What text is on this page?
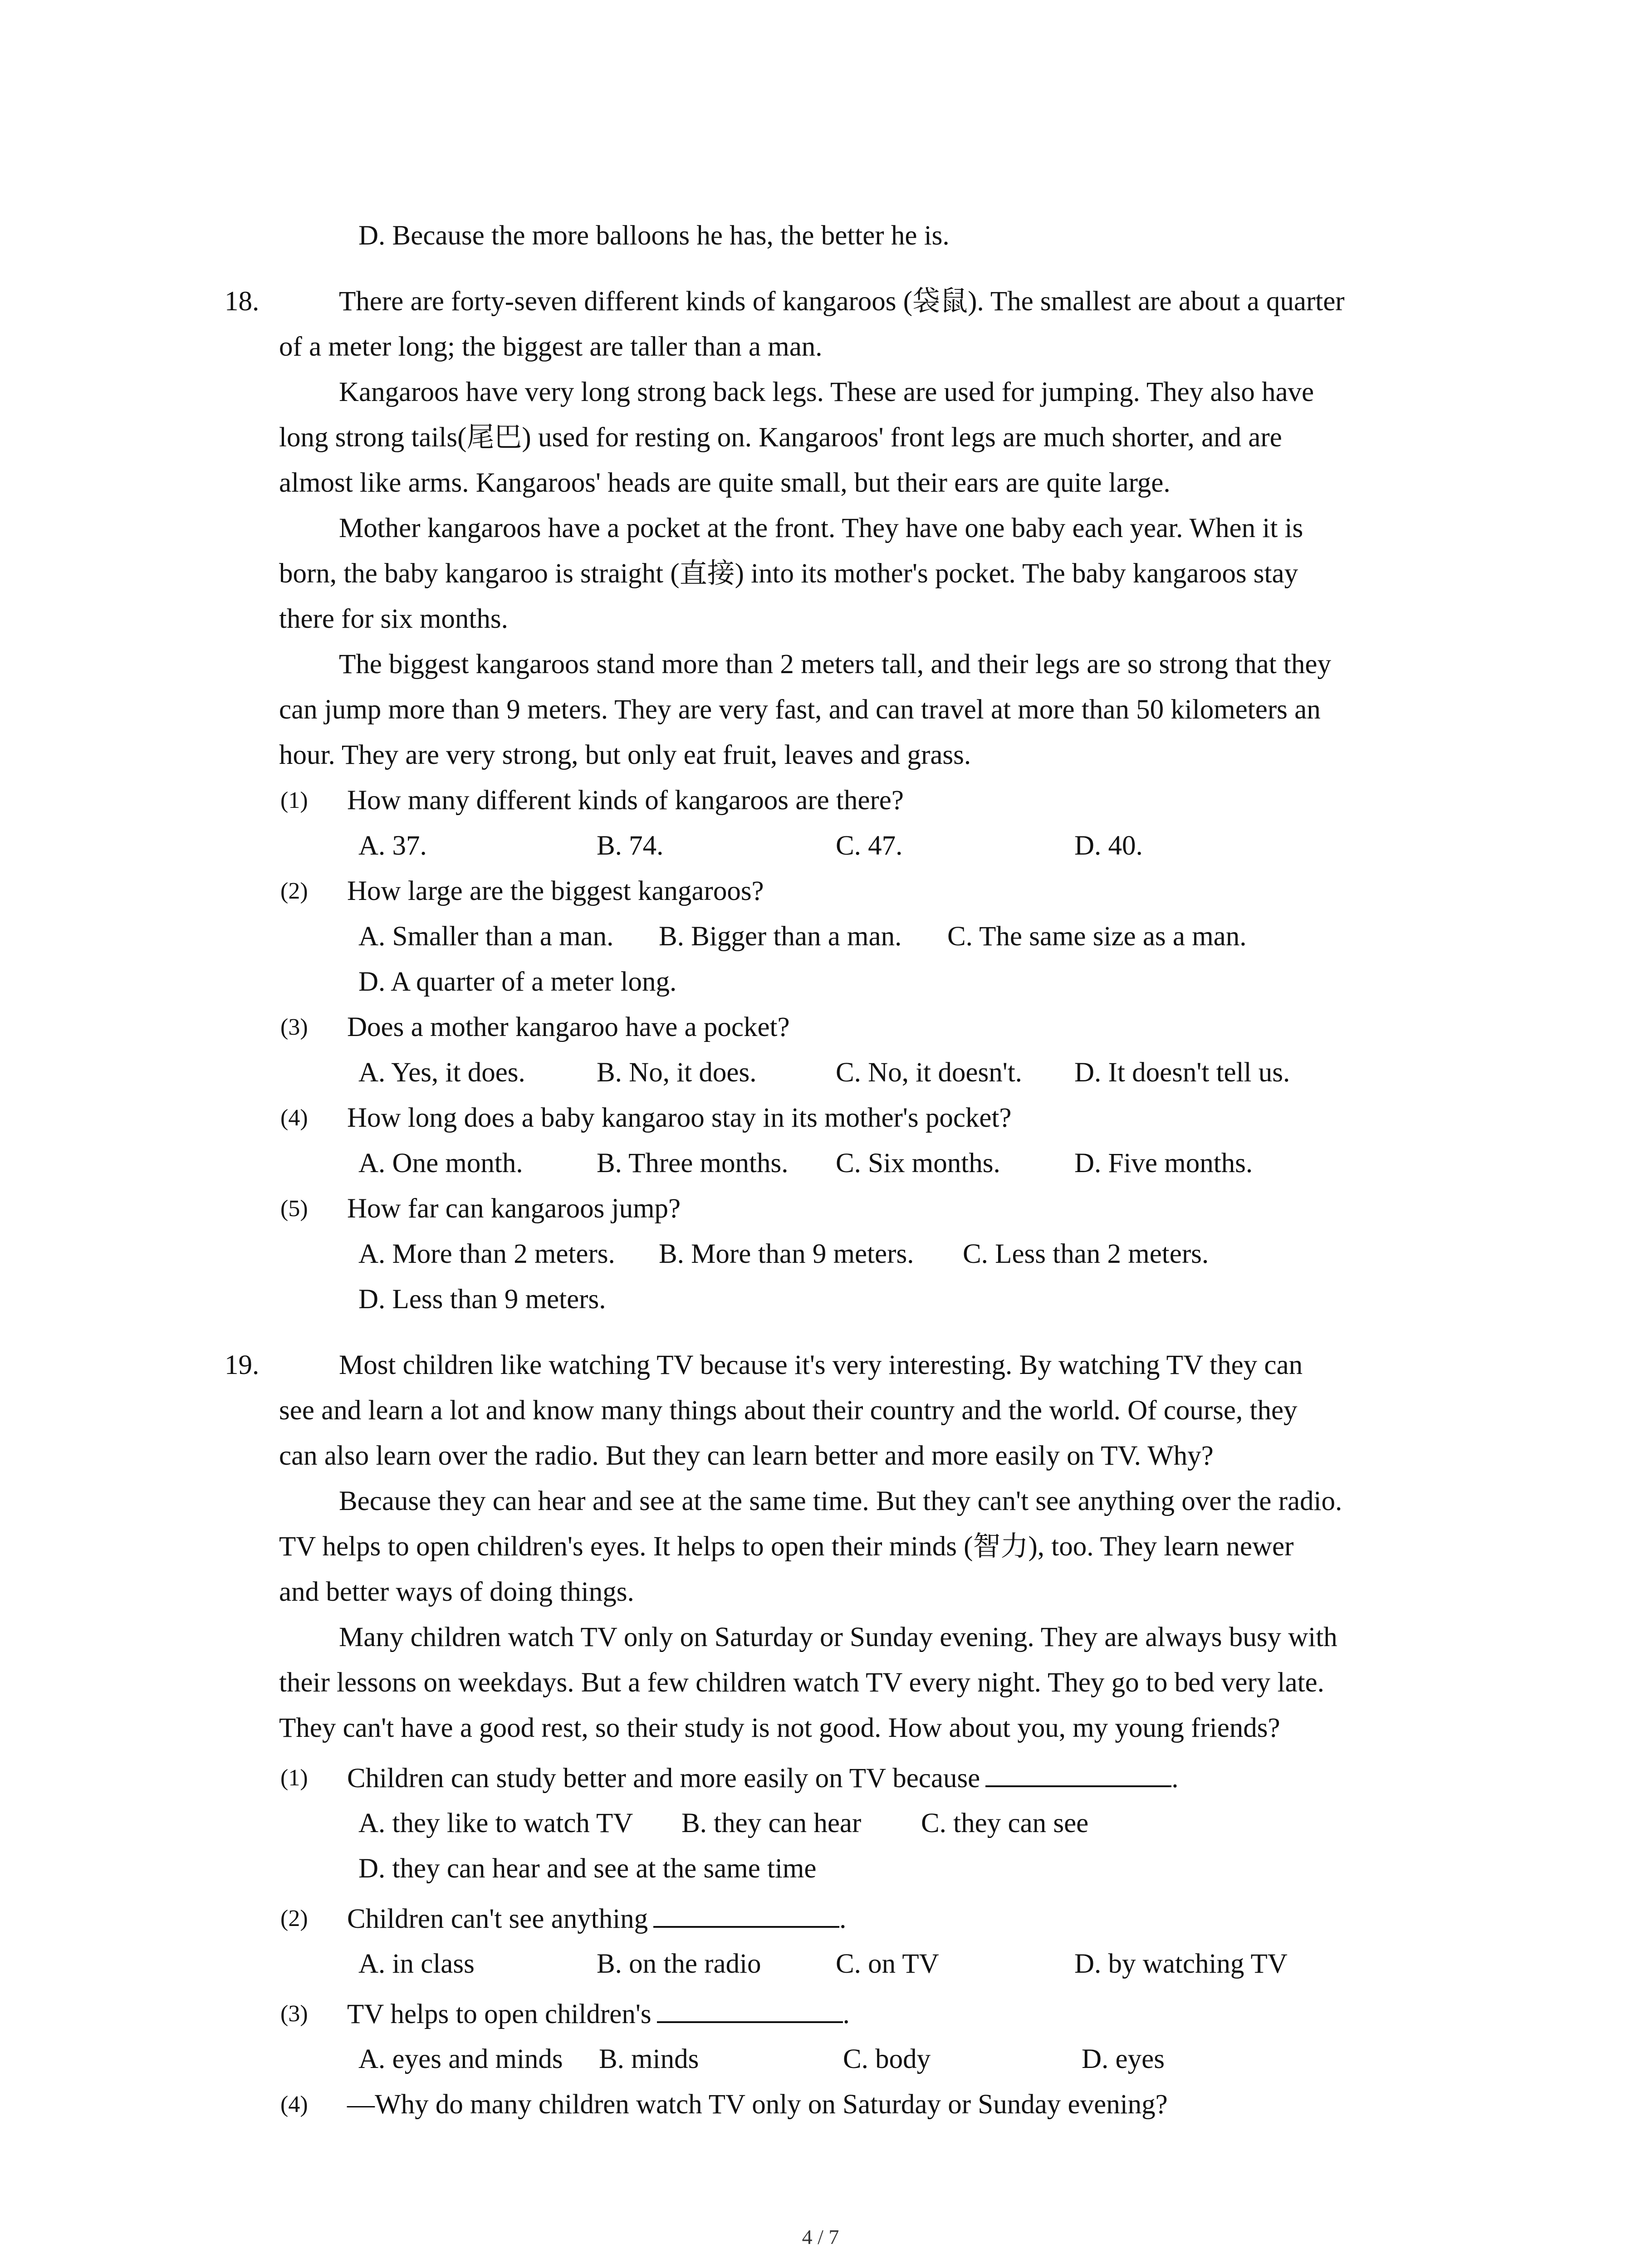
D. Because the more balloons he has, the better he is.
18.	There are forty-seven different kinds of kangaroos (袋鼠). The smallest are about a quarter
of a meter long; the biggest are taller than a man.
Kangaroos have very long strong back legs. These are used for jumping. They also have
long strong tails(尾巴) used for resting on. Kangaroos' front legs are much shorter, and are
almost like arms. Kangaroos' heads are quite small, but their ears are quite large.
Mother kangaroos have a pocket at the front. They have one baby each year. When it is
born, the baby kangaroo is straight (直接) into its mother's pocket. The baby kangaroos stay
there for six months.
The biggest kangaroos stand more than 2 meters tall, and their legs are so strong that they
can jump more than 9 meters. They are very fast, and can travel at more than 50 kilometers an
hour. They are very strong, but only eat fruit, leaves and grass.
(1) How many different kinds of kangaroos are there?
A. 37.	B. 74.	C. 47.	D. 40.
(2) How large are the biggest kangaroos?
A. Smaller than a man. B. Bigger than a man. C. The same size as a man.
D. A quarter of a meter long.
(3) Does a mother kangaroo have a pocket?
A. Yes, it does.	B. No, it does.	C. No, it doesn't. D. It doesn't tell us.
(4) How long does a baby kangaroo stay in its mother's pocket?
A. One month.	B. Three months. C. Six months.	D. Five months.
(5) How far can kangaroos jump?
A. More than 2 meters. B. More than 9 meters. C. Less than 2 meters.
D. Less than 9 meters.
19.	Most children like watching TV because it's very interesting. By watching TV they can
see and learn a lot and know many things about their country and the world. Of course, they
can also learn over the radio. But they can learn better and more easily on TV. Why?
Because they can hear and see at the same time. But they can't see anything over the radio.
TV helps to open children's eyes. It helps to open their minds (智力), too. They learn newer
and better ways of doing things.
Many children watch TV only on Saturday or Sunday evening. They are always busy with
their lessons on weekdays. But a few children watch TV every night. They go to bed very late.
They can't have a good rest, so their study is not good. How about you, my young friends?
(1) Children can study better and more easily on TV because	.
A. they like to watch TV B. they can hear C. they can see
D. they can hear and see at the same time
(2) Children can't see anything	.
A. in class	B. on the radio	C. on TV	D. by watching TV
(3) TV helps to open children's	.
A. eyes and minds B. minds	C. body	D. eyes
(4) —Why do many children watch TV only on Saturday or Sunday evening?
4 / 7
